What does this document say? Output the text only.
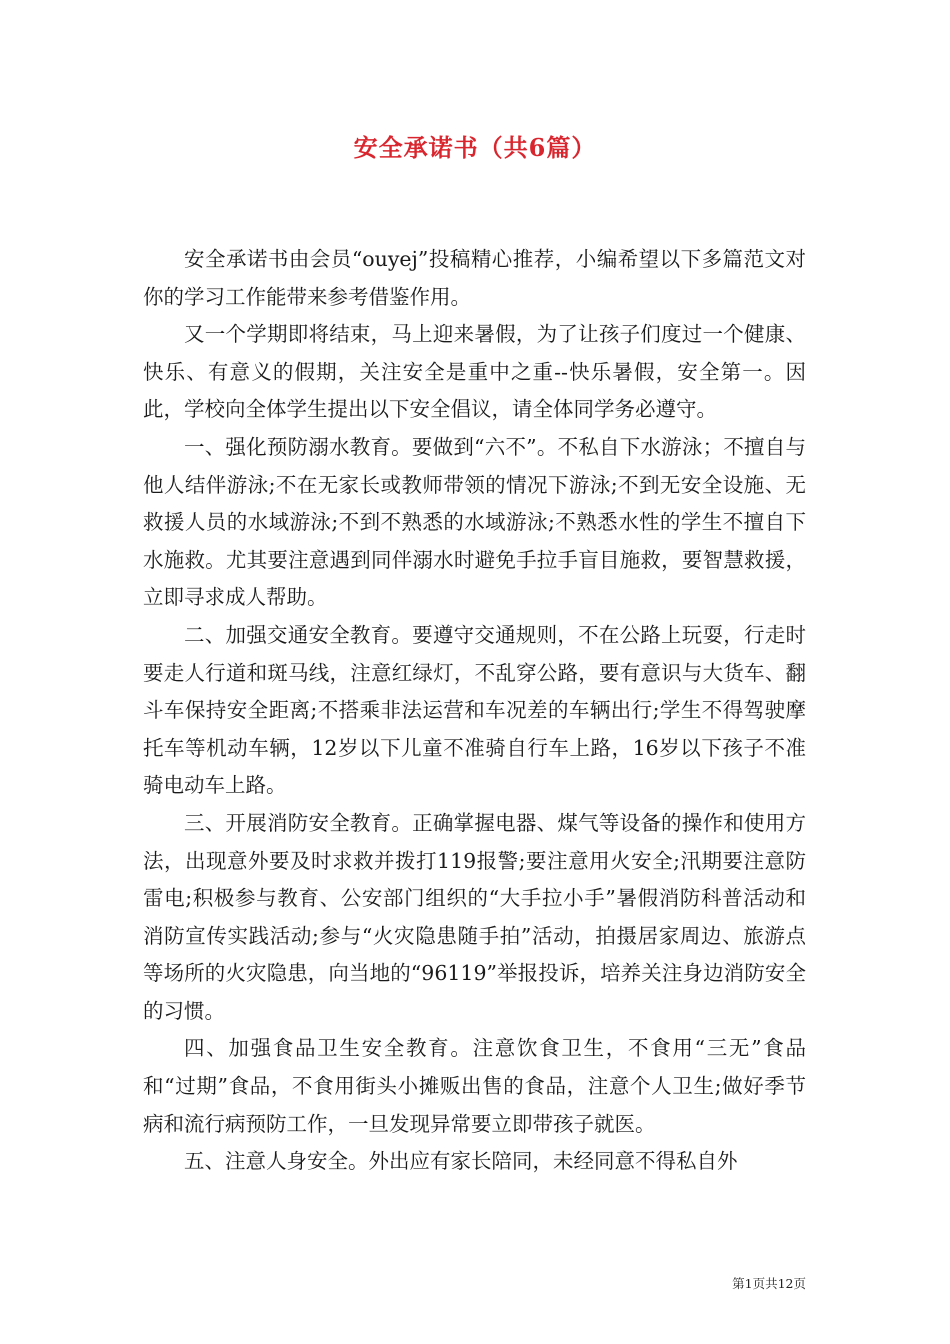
安全承诺书（共6篇）

安全承诺书由会员“ouyej”投稿精心推荐，小编希望以下多篇范文对你的学习工作能带来参考借鉴作用。

又一个学期即将结束，马上迎来暑假，为了让孩子们度过一个健康、快乐、有意义的假期，关注安全是重中之重--快乐暑假，安全第一。因此，学校向全体学生提出以下安全倡议，请全体同学务必遵守。

一、强化预防溺水教育。要做到“六不”。不私自下水游泳；不擅自与他人结伴游泳;不在无家长或教师带领的情况下游泳;不到无安全设施、无救援人员的水域游泳;不到不熟悉的水域游泳;不熟悉水性的学生不擅自下水施救。尤其要注意遇到同伴溺水时避免手拉手盲目施救，要智慧救援，立即寻求成人帮助。

二、加强交通安全教育。要遵守交通规则，不在公路上玩耍，行走时要走人行道和斑马线，注意红绿灯，不乱穿公路，要有意识与大货车、翻斗车保持安全距离;不搭乘非法运营和车况差的车辆出行;学生不得驾驶摩托车等机动车辆，12岁以下儿童不准骑自行车上路，16岁以下孩子不准骑电动车上路。

三、开展消防安全教育。正确掌握电器、煤气等设备的操作和使用方法，出现意外要及时求救并拨打119报警;要注意用火安全;汛期要注意防雷电;积极参与教育、公安部门组织的“大手拉小手”暑假消防科普活动和消防宣传实践活动;参与“火灾隐患随手拍”活动，拍摄居家周边、旅游点等场所的火灾隐患，向当地的“96119”举报投诉，培养关注身边消防安全的习惯。

四、加强食品卫生安全教育。注意饮食卫生，不食用“三无”食品和“过期”食品，不食用街头小摊贩出售的食品，注意个人卫生;做好季节病和流行病预防工作，一旦发现异常要立即带孩子就医。

五、注意人身安全。外出应有家长陪同，未经同意不得私自外

第1页共12页
